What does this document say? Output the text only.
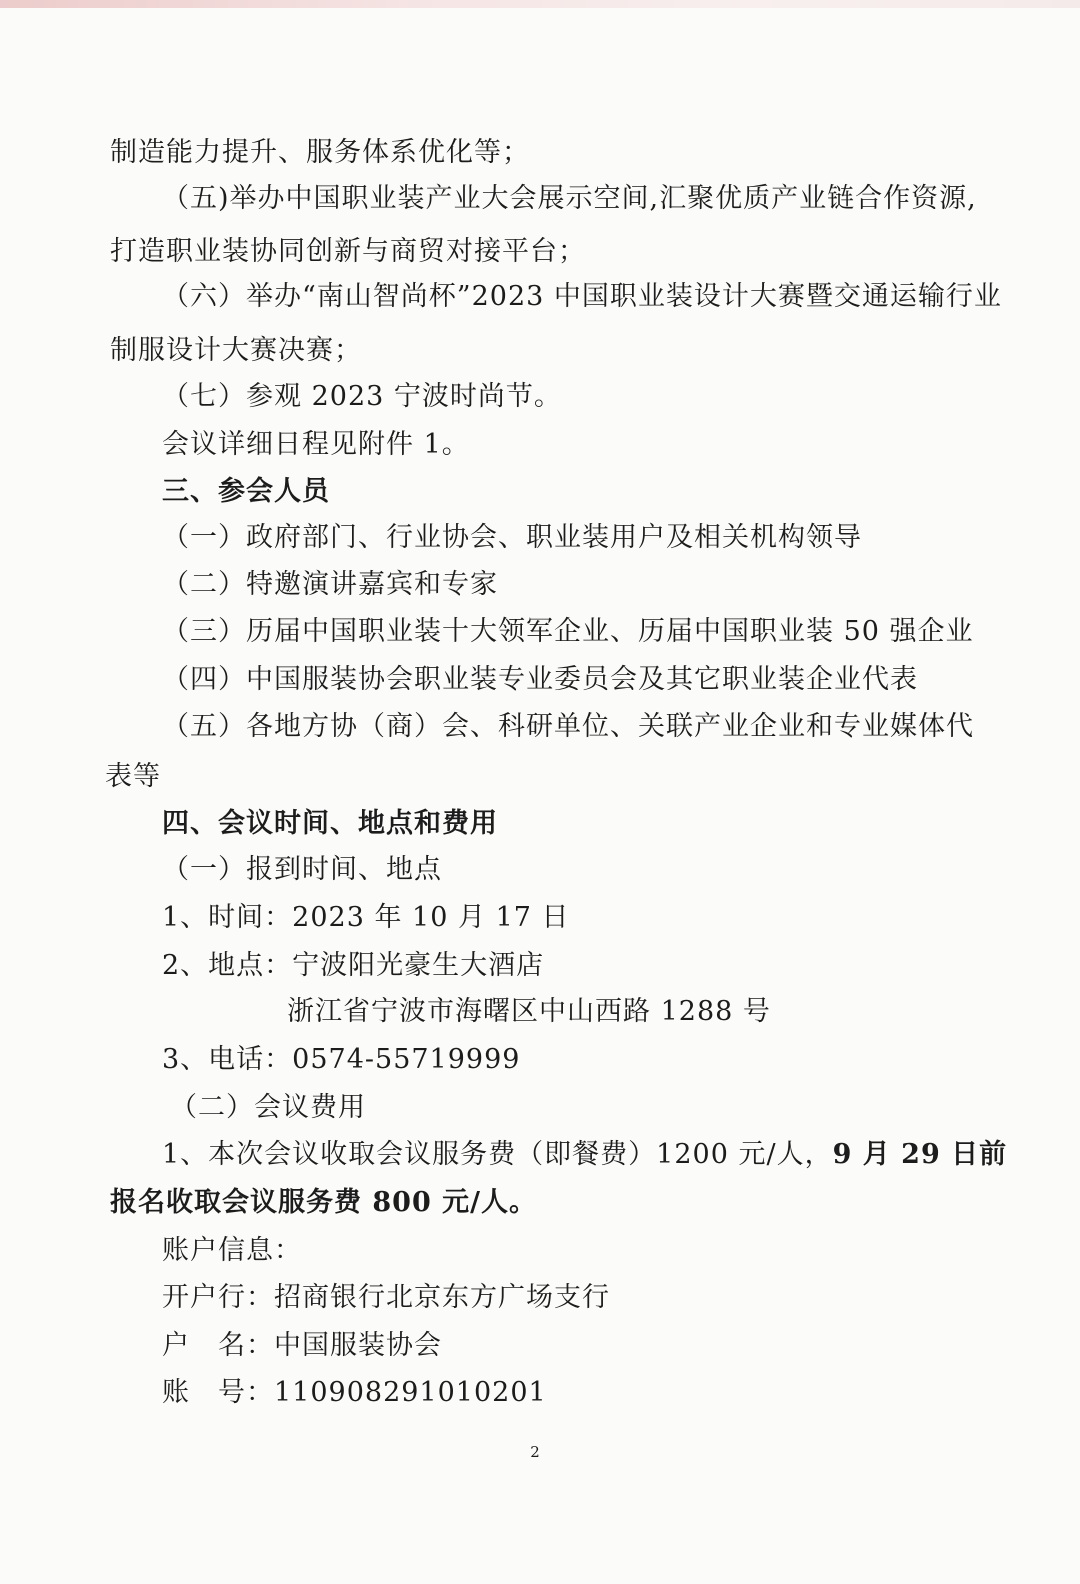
制造能力提升、服务体系优化等；
（五)举办中国职业装产业大会展示空间,汇聚优质产业链合作资源,
打造职业装协同创新与商贸对接平台；
（六）举办“南山智尚杯”2023 中国职业装设计大赛暨交通运输行业
制服设计大赛决赛；
（七）参观 2023 宁波时尚节。
会议详细日程见附件 1。
三、参会人员
（一）政府部门、行业协会、职业装用户及相关机构领导
（二）特邀演讲嘉宾和专家
（三）历届中国职业装十大领军企业、历届中国职业装 50 强企业
（四）中国服装协会职业装专业委员会及其它职业装企业代表
（五）各地方协（商）会、科研单位、关联产业企业和专业媒体代
表等
四、会议时间、地点和费用
（一）报到时间、地点
1、时间：2023 年 10 月 17 日
2、地点：宁波阳光豪生大酒店
浙江省宁波市海曙区中山西路 1288 号
3、电话：0574-55719999
（二）会议费用
1、本次会议收取会议服务费（即餐费）1200 元/人，9 月 29 日前
报名收取会议服务费 800 元/人。
账户信息：
开户行：招商银行北京东方广场支行
户　名：中国服装协会
账　号：110908291010201
2
